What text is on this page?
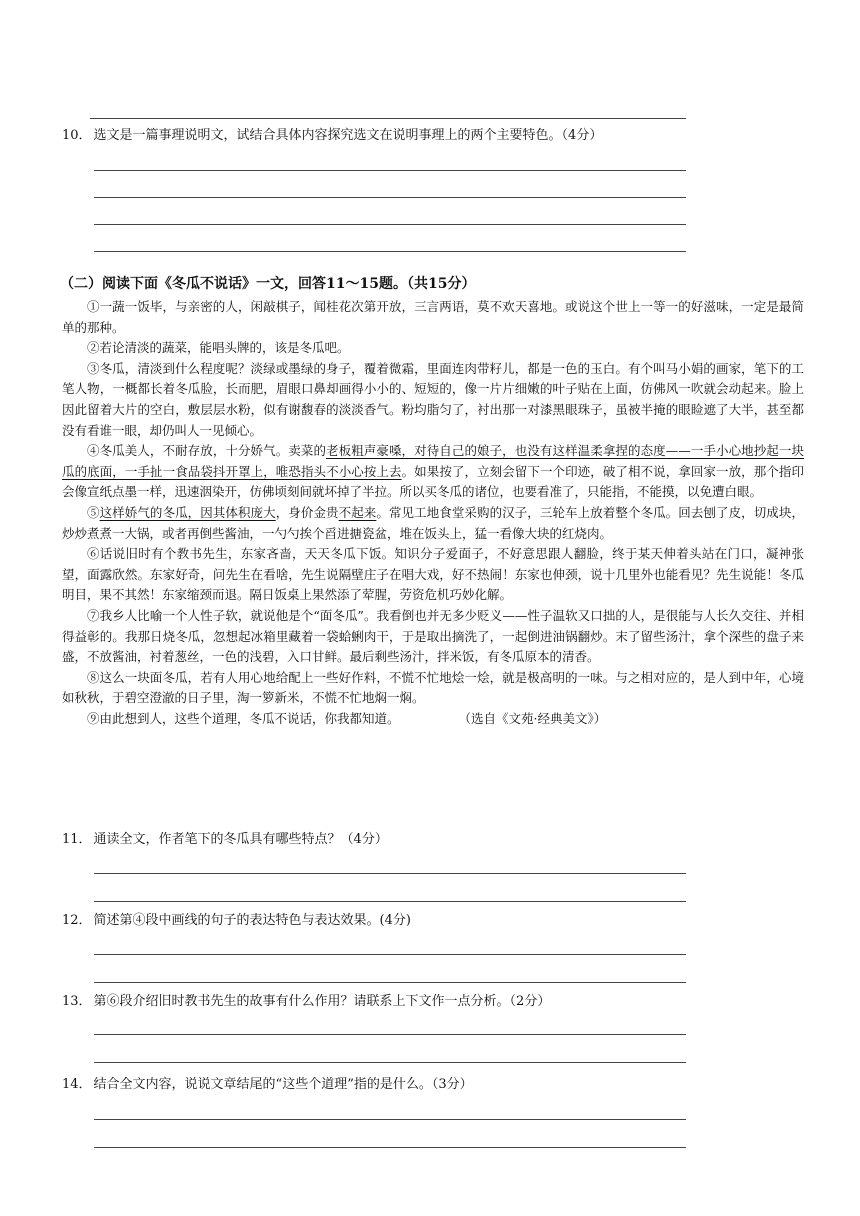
10． 选文是一篇事理说明文，试结合具体内容探究选文在说明事理上的两个主要特色。（4分）
（二）阅读下面《冬瓜不说话》一文，回答11～15题。（共15分）

①一蔬一饭毕，与亲密的人，闲敲棋子，闻桂花次第开放，三言两语，莫不欢天喜地。或说这个世上一等一的好滋味，一定是最简单的那种。

②若论清淡的蔬菜，能唱头牌的，该是冬瓜吧。

③冬瓜，清淡到什么程度呢？淡绿或墨绿的身子，覆着微霜，里面连肉带籽儿，都是一色的玉白。有个叫马小娟的画家，笔下的工笔人物，一概都长着冬瓜脸，长而肥，眉眼口鼻却画得小小的、短短的，像一片片细嫩的叶子贴在上面，仿佛风一吹就会动起来。脸上因此留着大片的空白，敷层层水粉，似有谢馥春的淡淡香气。粉均脂匀了，衬出那一对漆黑眼珠子，虽被半掩的眼睑遮了大半，甚至都没有看谁一眼，却仍叫人一见倾心。

④冬瓜美人，不耐存放，十分娇气。卖菜的老板粗声豪嗓，对待自己的娘子，也没有这样温柔拿捏的态度——一手小心地抄起一块瓜的底面，一手扯一食品袋抖开罩上，唯恐指头不小心按上去。如果按了，立刻会留下一个印迹，破了相不说，拿回家一放，那个指印会像宣纸点墨一样，迅速洇染开，仿佛顷刻间就坏掉了半拉。所以买冬瓜的诸位，也要看准了，只能指，不能摸，以免遭白眼。

⑤这样娇气的冬瓜，因其体积庞大，身价金贵不起来。常见工地食堂采购的汉子，三轮车上放着整个冬瓜。回去刨了皮，切成块，炒炒煮煮一大锅，或者再倒些酱油，一勺勺挨个舀进搪瓷盆，堆在饭头上，猛一看像大块的红烧肉。

⑥话说旧时有个教书先生，东家吝啬，天天冬瓜下饭。知识分子爱面子，不好意思跟人翻脸，终于某天伸着头站在门口，凝神张望，面露欣然。东家好奇，问先生在看啥，先生说隔壁庄子在唱大戏，好不热闹！东家也伸颈，说十几里外也能看见？先生说能！冬瓜明目，果不其然！东家缩颈而退。隔日饭桌上果然添了荤腥，劳资危机巧妙化解。

⑦我乡人比喻一个人性子软，就说他是个“面冬瓜”。我看倒也并无多少贬义——性子温软又口拙的人，是很能与人长久交往、并相得益彰的。我那日烧冬瓜，忽想起冰箱里藏着一袋蛤蜊肉干，于是取出摘洗了，一起倒进油锅翻炒。末了留些汤汁，拿个深些的盘子来盛，不放酱油，衬着葱丝，一色的浅碧，入口甘鲜。最后剩些汤汁，拌米饭，有冬瓜原本的清香。

⑧这么一块面冬瓜，若有人用心地给配上一些好作料，不慌不忙地烩一烩，就是极高明的一味。与之相对应的，是人到中年，心境如秋秋，于碧空澄澈的日子里，淘一箩新米，不慌不忙地焖一焖。

⑨由此想到人，这些个道理，冬瓜不说话，你我都知道。	（选自《文苑·经典美文》）

11． 通读全文，作者笔下的冬瓜具有哪些特点？（4分）
12． 简述第④段中画线的句子的表达特色与表达效果。(4分)
13． 第⑥段介绍旧时教书先生的故事有什么作用？请联系上下文作一点分析。（2分）
14． 结合全文内容，说说文章结尾的“这些个道理”指的是什么。（3分）
